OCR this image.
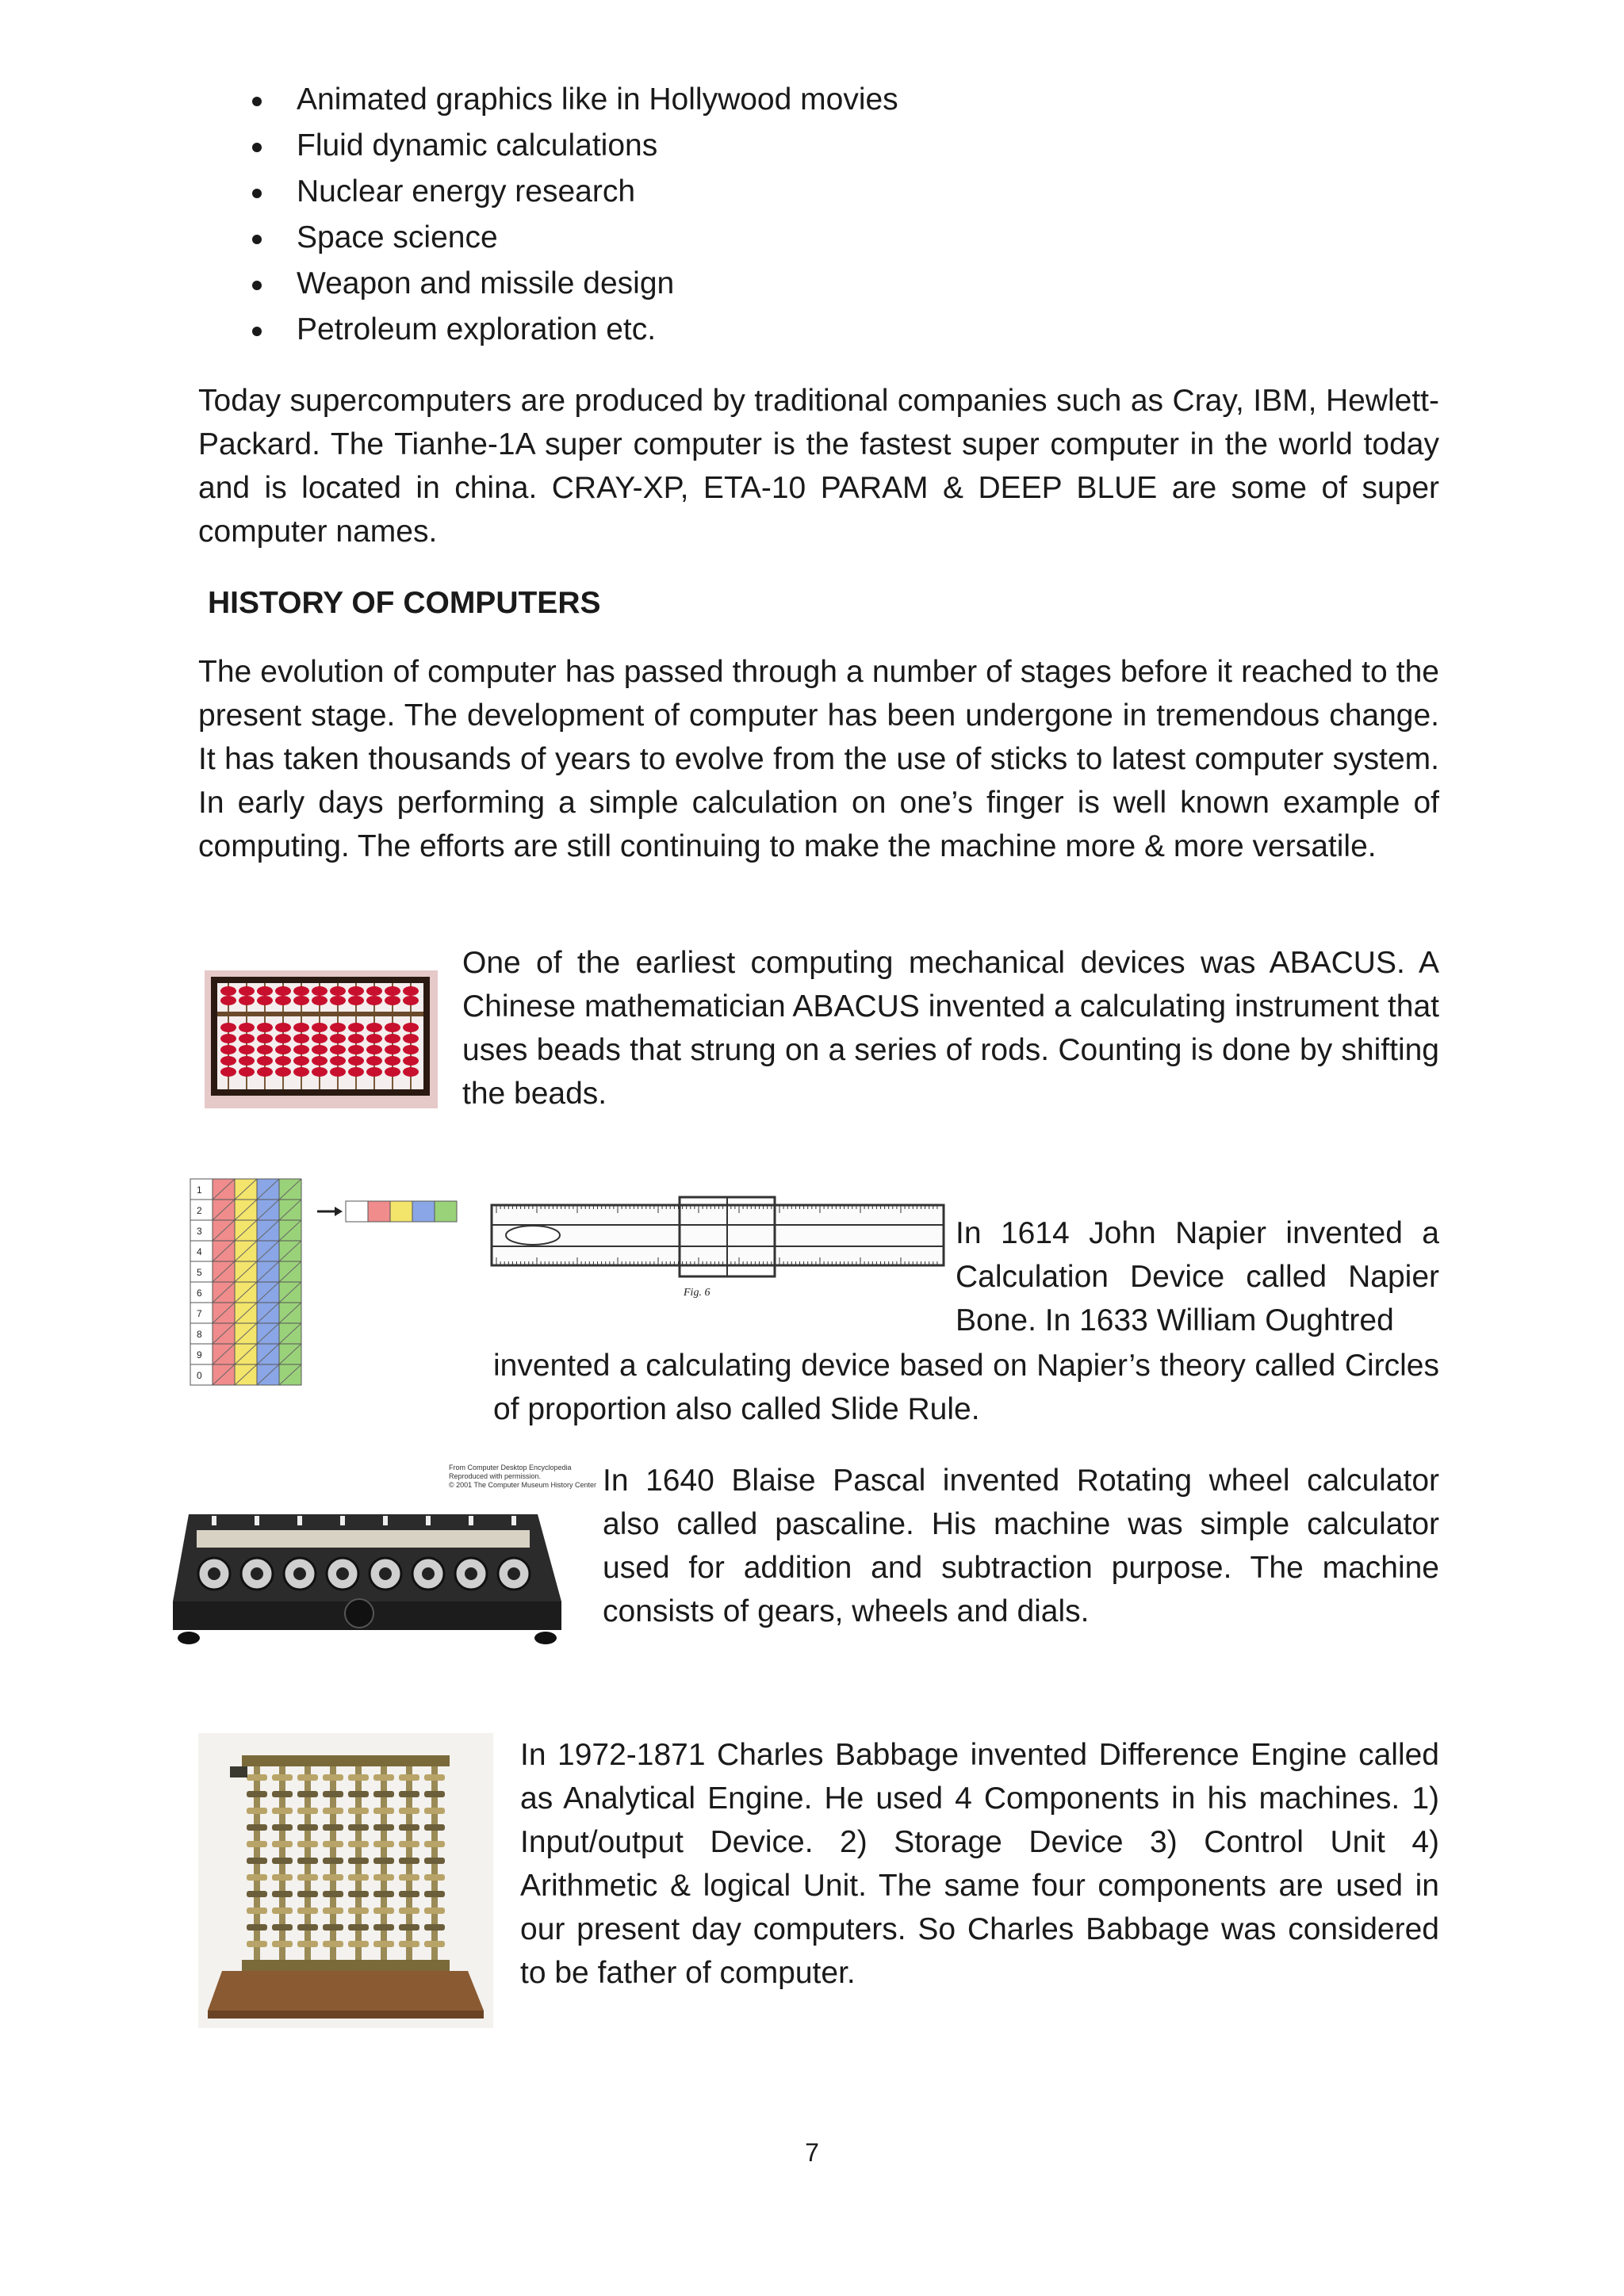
Animated graphics like in Hollywood movies
Fluid dynamic calculations
Nuclear energy research
Space science
Weapon and missile design
Petroleum exploration etc.

Today supercomputers are produced by traditional companies such as Cray, IBM, Hewlett-Packard. The Tianhe-1A super computer is the fastest super computer in the world today and is located in china. CRAY-XP, ETA-10 PARAM & DEEP BLUE are some of super computer names.

HISTORY OF COMPUTERS

The evolution of computer has passed through a number of stages before it reached to the present stage. The development of computer has been undergone in tremendous change. It has taken thousands of years to evolve from the use of sticks to latest computer system. In early days performing a simple calculation on one’s finger is well known example of computing. The efforts are still continuing to make the machine more & more versatile.

One of the earliest computing mechanical devices was ABACUS. A Chinese mathematician ABACUS invented a calculating instrument that uses beads that strung on a series of rods. Counting is done by shifting the beads.

1
2
3
4
5
6
7
8
9
0
Fig. 6

In 1614 John Napier invented a Calculation Device called Napier Bone. In 1633 William Oughtred

invented a calculating device based on Napier’s theory called Circles of proportion also called Slide Rule.

From Computer Desktop Encyclopedia
Reproduced with permission.
© 2001 The Computer Museum History Center In 1640 Blaise Pascal invented Rotating wheel calculator also called pascaline. His machine was simple calculator used for addition and subtraction purpose. The machine consists of gears, wheels and dials.

In 1972-1871 Charles Babbage invented Difference Engine called as Analytical Engine. He used 4 Components in his machines. 1) Input/output Device. 2) Storage Device 3) Control Unit 4) Arithmetic & logical Unit. The same four components are used in our present day computers. So Charles Babbage was considered to be father of computer.

7
